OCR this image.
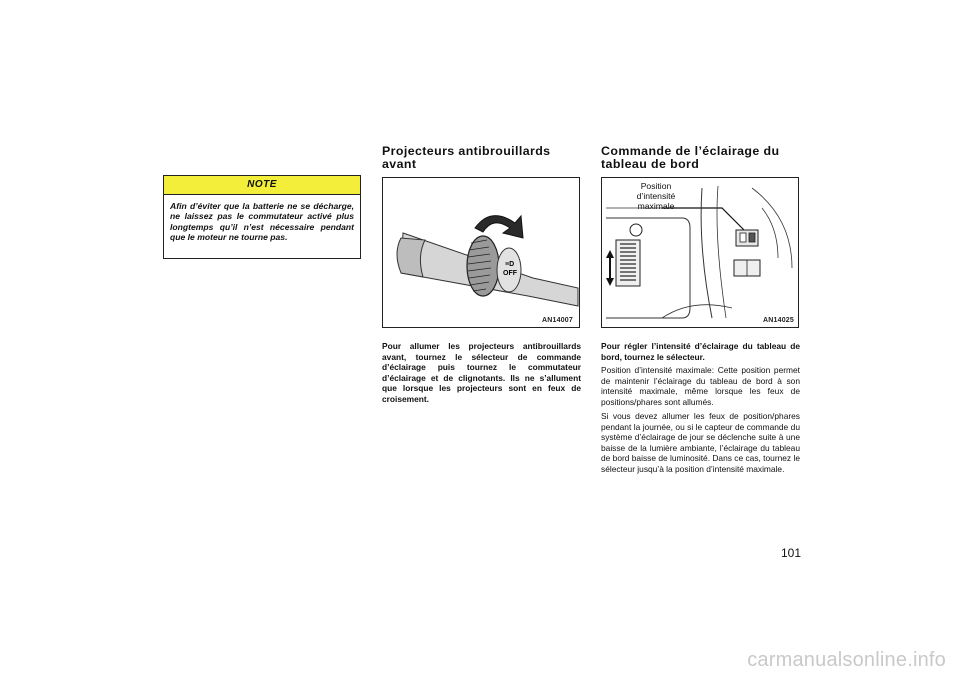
NOTE
Afin d’éviter que la batterie ne se décharge, ne laissez pas le commutateur activé plus longtemps qu’il n’est nécessaire pendant que le moteur ne tourne pas.
Projecteurs antibrouillards
avant
≡D
OFF
AN14007
Pour allumer les projecteurs antibrouillards avant, tournez le sélecteur de commande d’éclairage puis tournez le commutateur d’éclairage et de clignotants. Ils ne s’allument que lorsque les projecteurs sont en feux de croisement.
Commande de l’éclairage du
tableau de bord
Position
d’intensité
maximale
AN14025
Pour régler l’intensité d’éclairage du tableau de bord, tournez le sélecteur.
Position d’intensité maximale: Cette position permet de maintenir l’éclairage du tableau de bord à son intensité maximale, même lorsque les feux de positions/phares sont allumés.
Si vous devez allumer les feux de position/phares pendant la journée, ou si le capteur de commande du système d’éclairage de jour se déclenche suite à une baisse de la lumière ambiante, l’éclairage du tableau de bord baisse de luminosité. Dans ce cas, tournez le sélecteur jusqu’à la position d’intensité maximale.
101
carmanualsonline.info
